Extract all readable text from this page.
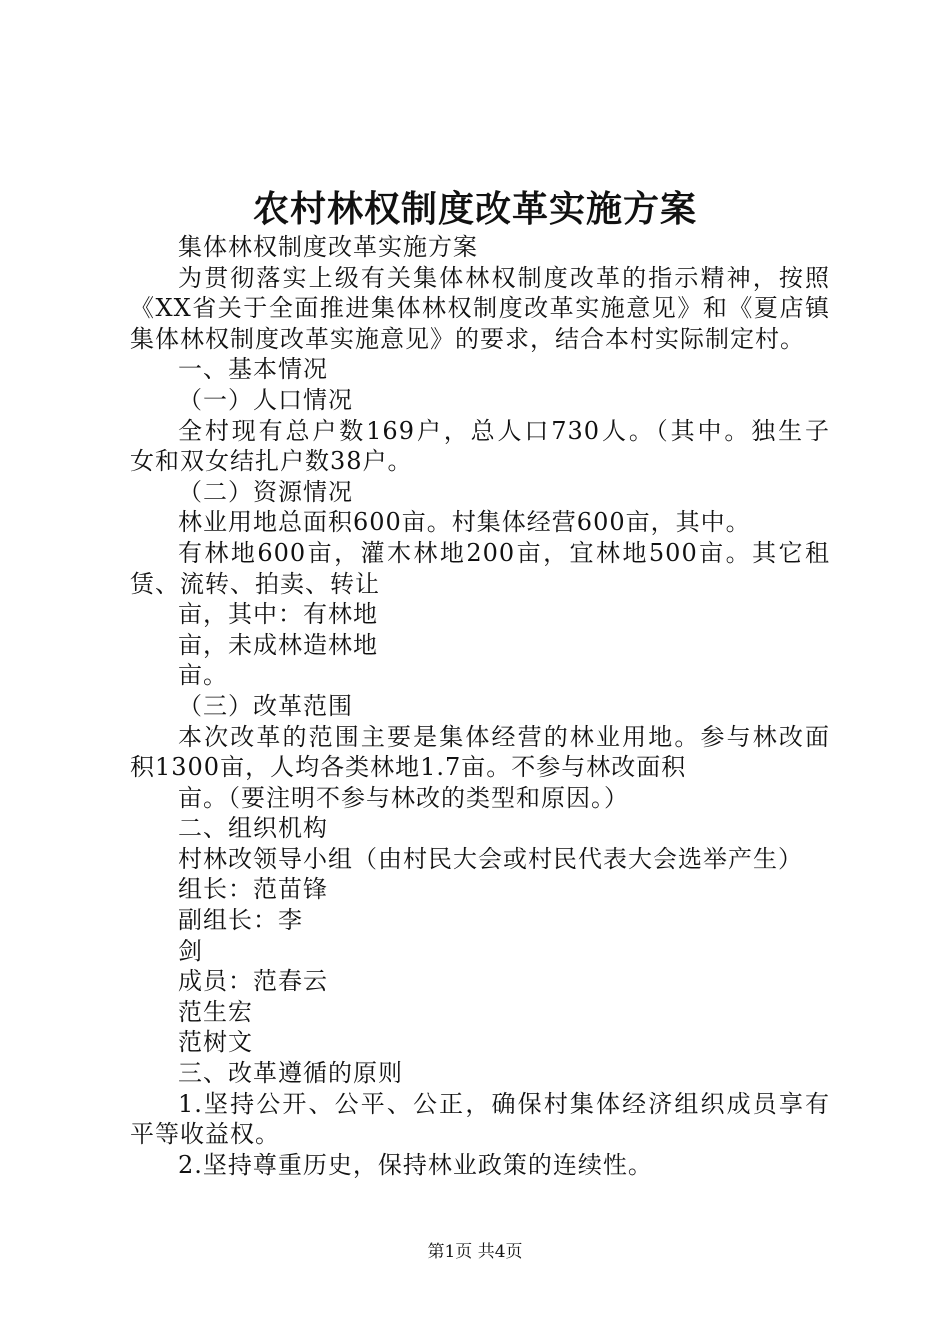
农村林权制度改革实施方案
集体林权制度改革实施方案
为贯彻落实上级有关集体林权制度改革的指示精神，按照
《XX省关于全面推进集体林权制度改革实施意见》和《夏店镇
集体林权制度改革实施意见》的要求，结合本村实际制定村。
一、基本情况
（一）人口情况
全村现有总户数169户，总人口730人。（其中。独生子
女和双女结扎户数38户。
（二）资源情况
林业用地总面积600亩。村集体经营600亩，其中。
有林地600亩，灌木林地200亩，宜林地500亩。其它租
赁、流转、拍卖、转让
亩，其中：有林地
亩，未成林造林地
亩。
（三）改革范围
本次改革的范围主要是集体经营的林业用地。参与林改面
积1300亩，人均各类林地1.7亩。不参与林改面积
亩。（要注明不参与林改的类型和原因。）
二、组织机构
村林改领导小组（由村民大会或村民代表大会选举产生）
组长：范苗锋
副组长：李
剑
成员：范春云
范生宏
范树文
三、改革遵循的原则
1.坚持公开、公平、公正，确保村集体经济组织成员享有
平等收益权。
2.坚持尊重历史，保持林业政策的连续性。
第1页 共4页
